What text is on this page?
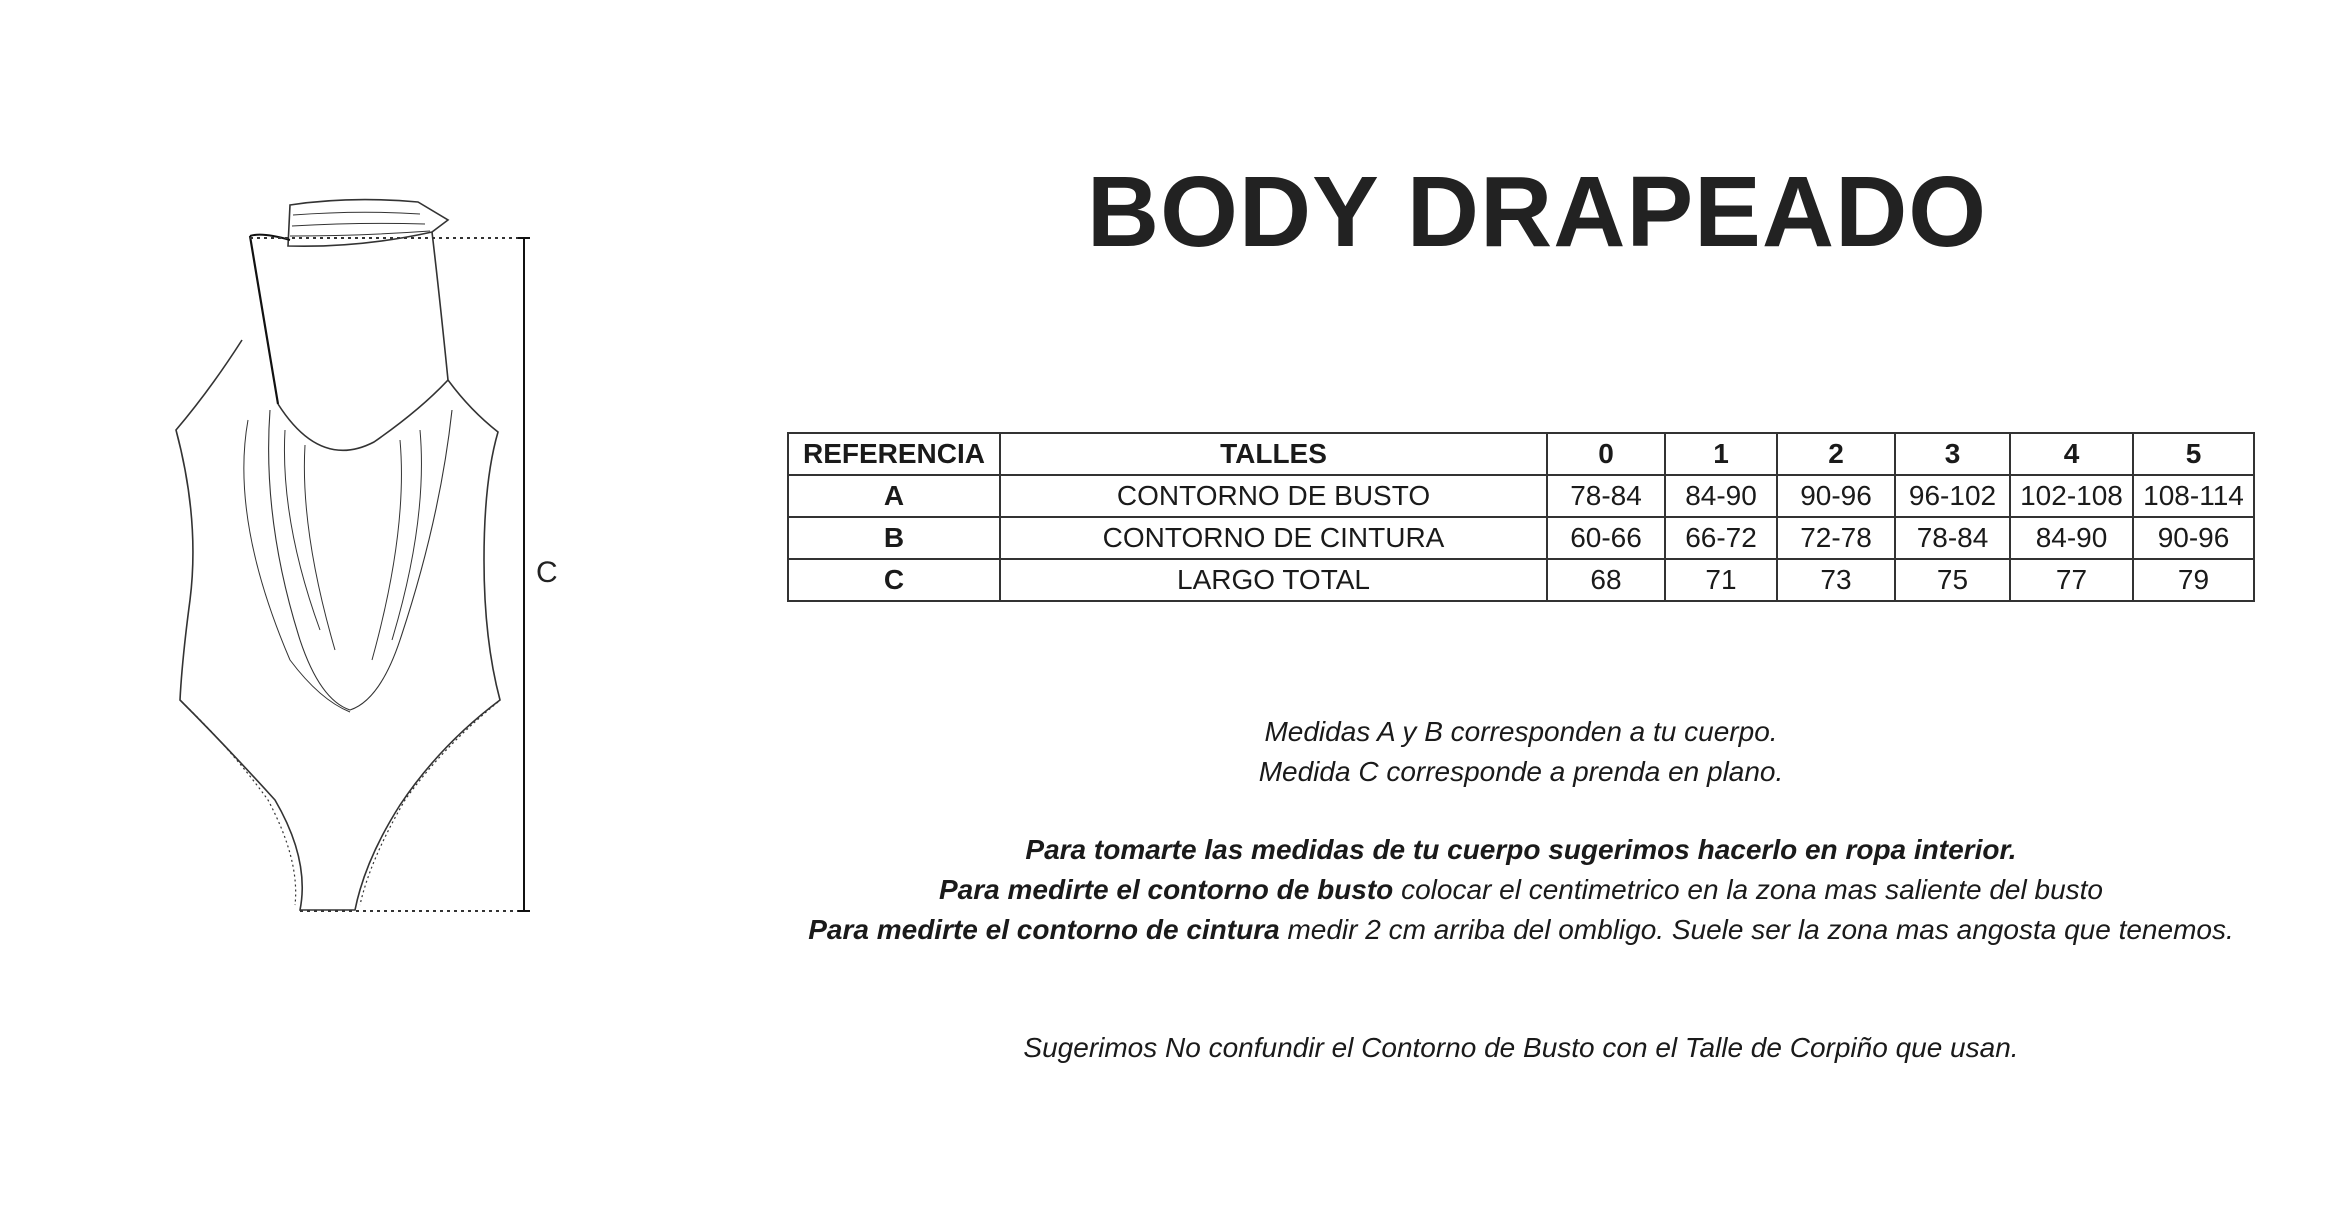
C
BODY DRAPEADO
REFERENCIA	TALLES	0	1	2	3	4	5
A	CONTORNO DE BUSTO	78-84	84-90	90-96	96-102	102-108	108-114
B	CONTORNO DE CINTURA	60-66	66-72	72-78	78-84	84-90	90-96
C	LARGO TOTAL	68	71	73	75	77	79

Medidas A y B corresponden a tu cuerpo.

Medida C corresponde a prenda en plano.

Para tomarte las medidas de tu cuerpo sugerimos hacerlo en ropa interior.

Para medirte el contorno de busto colocar el centimetrico en la zona mas saliente del busto

Para medirte el contorno de cintura medir 2 cm arriba del ombligo. Suele ser la zona mas angosta que tenemos.

Sugerimos No confundir el Contorno de Busto con el Talle de Corpiño que usan.
